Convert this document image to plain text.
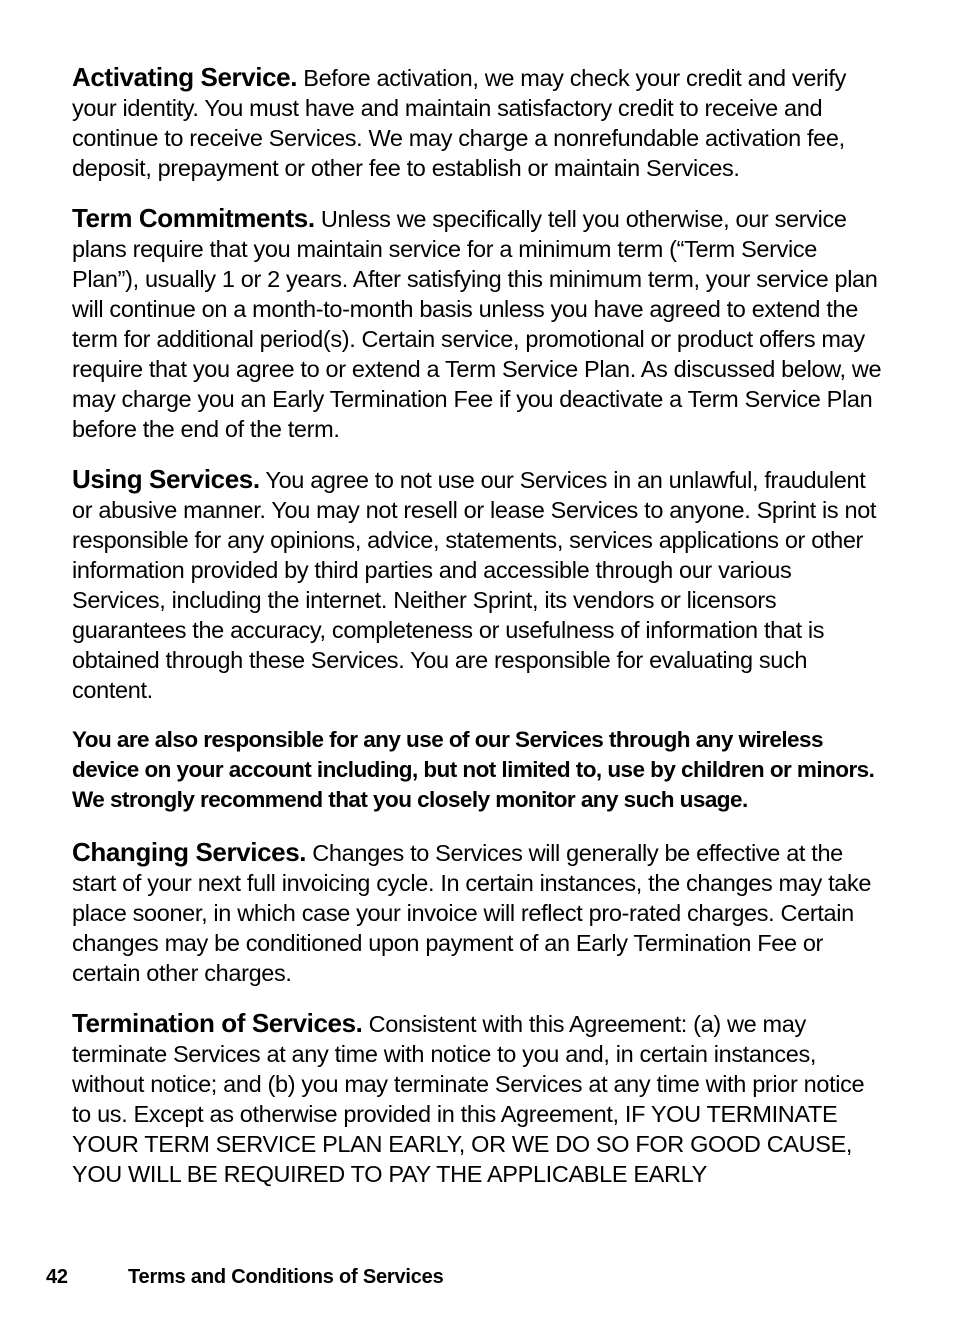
Activating Service. Before activation, we may check your credit and verify your identity. You must have and maintain satisfactory credit to receive and continue to receive Services. We may charge a nonrefundable activation fee, deposit, prepayment or other fee to establish or maintain Services.

Term Commitments. Unless we specifically tell you otherwise, our service plans require that you maintain service for a minimum term (“Term Service Plan”), usually 1 or 2 years. After satisfying this minimum term, your service plan will continue on a month-to-month basis unless you have agreed to extend the term for additional period(s). Certain service, promotional or product offers may require that you agree to or extend a Term Service Plan. As discussed below, we may charge you an Early Termination Fee if you deactivate a Term Service Plan before the end of the term.

Using Services. You agree to not use our Services in an unlawful, fraudulent or abusive manner. You may not resell or lease Services to anyone. Sprint is not responsible for any opinions, advice, statements, services applications or other information provided by third parties and accessible through our various Services, including the internet. Neither Sprint, its vendors or licensors guarantees the accuracy, completeness or usefulness of information that is obtained through these Services. You are responsible for evaluating such content.

You are also responsible for any use of our Services through any wireless device on your account including, but not limited to, use by children or minors. We strongly recommend that you closely monitor any such usage.

Changing Services. Changes to Services will generally be effective at the start of your next full invoicing cycle. In certain instances, the changes may take place sooner, in which case your invoice will reflect pro-rated charges. Certain changes may be conditioned upon payment of an Early Termination Fee or certain other charges.

Termination of Services. Consistent with this Agreement: (a) we may terminate Services at any time with notice to you and, in certain instances, without notice; and (b) you may terminate Services at any time with prior notice to us. Except as otherwise provided in this Agreement, IF YOU TERMINATE YOUR TERM SERVICE PLAN EARLY, OR WE DO SO FOR GOOD CAUSE, YOU WILL BE REQUIRED TO PAY THE APPLICABLE EARLY

42	Terms and Conditions of Services
